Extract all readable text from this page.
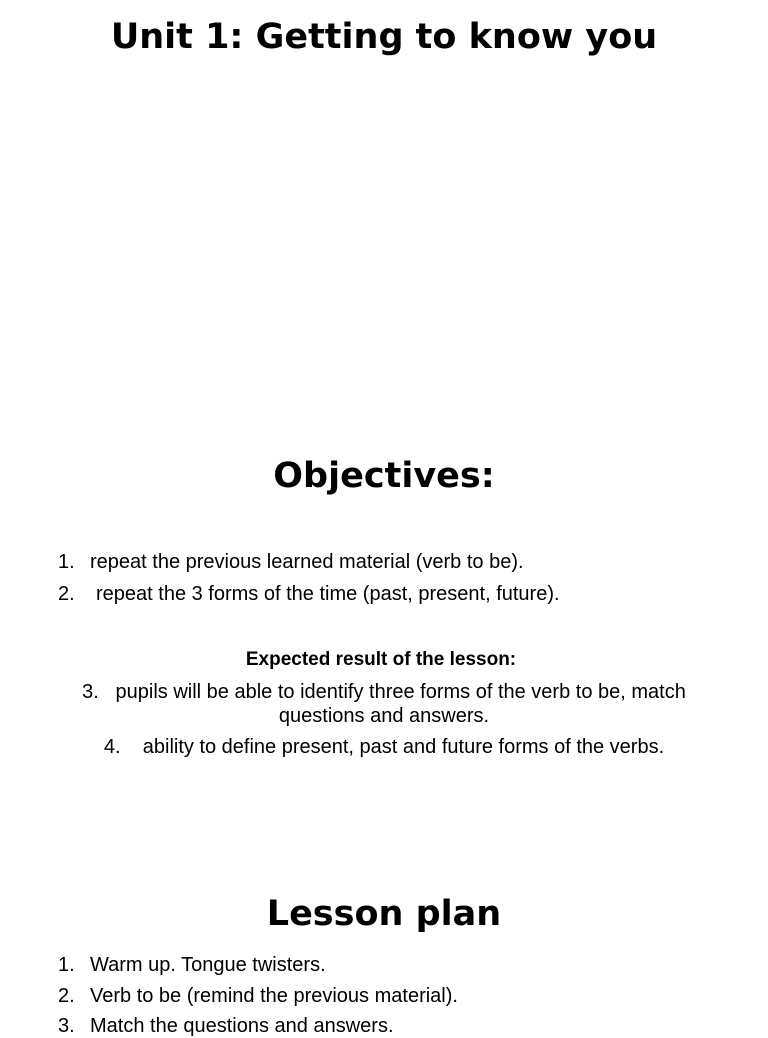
Unit 1: Getting to know you
Objectives:
1. repeat the previous learned material (verb to be).
2. repeat the 3 forms of the time (past, present, future).
Expected result of the lesson:
3. pupils will be able to identify three forms of the verb to be, match questions and answers.
4. ability to define present, past and future forms of the verbs.
Lesson plan
1. Warm up. Tongue twisters.
2. Verb to be (remind the previous material).
3. Match the questions and answers.
